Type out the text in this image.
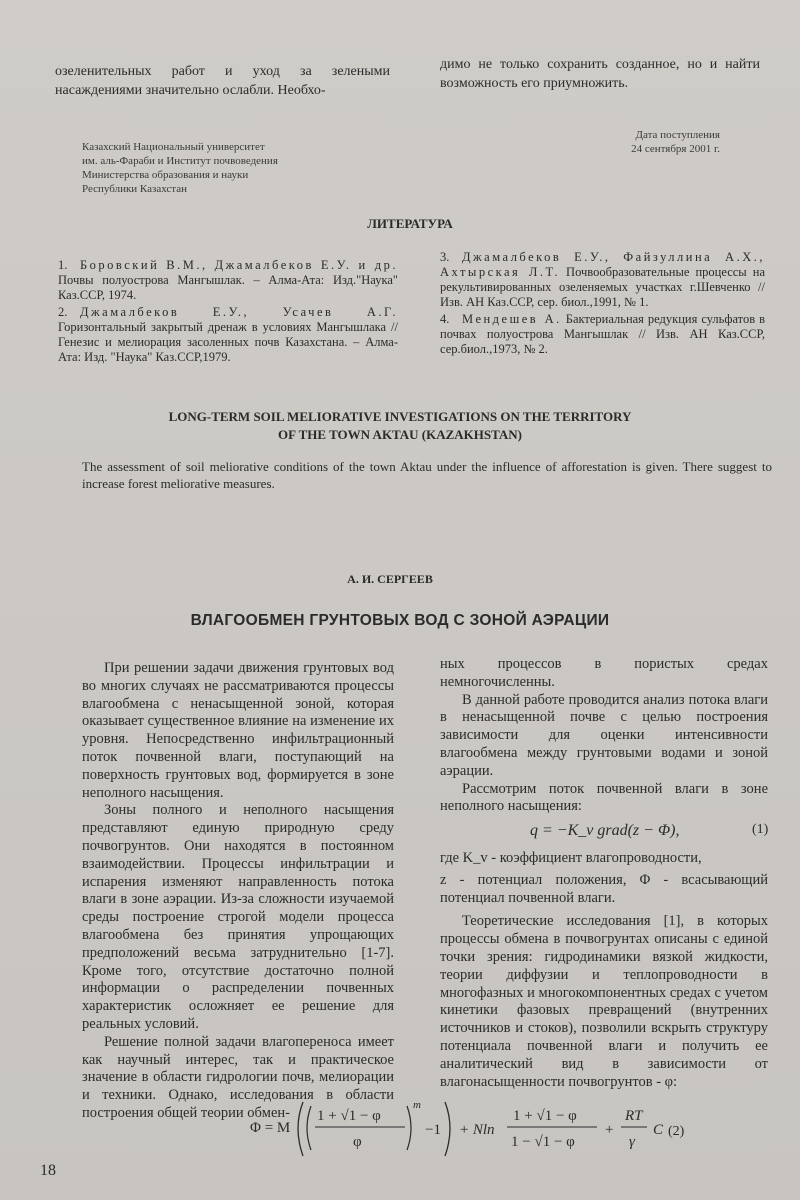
озеленительных работ и уход за зелеными насаждениями значительно ослабли. Необхо-

димо не только сохранить созданное, но и найти возможность его приумножить.

Казахский Национальный университет
им. аль-Фараби и Институт почвоведения
Министерства образования и науки
Республики Казахстан
Дата поступления
24 сентября 2001 г.
ЛИТЕРАТУРА

1. Боровский В.М., Джамалбеков Е.У. и др. Почвы полуострова Мангышлак. – Алма-Ата: Изд."Наука" Каз.ССР, 1974.

2. Джамалбеков Е.У., Усачев А.Г. Горизонтальный закрытый дренаж в условиях Мангышлака // Генезис и мелиорация засоленных почв Казахстана. – Алма-Ата: Изд. "Наука" Каз.ССР,1979.

3. Джамалбеков Е.У., Файзуллина А.Х., Ахтырская Л.Т. Почвообразовательные процессы на рекультивированных озеленяемых участках г.Шевченко // Изв. АН Каз.ССР, сер. биол.,1991, № 1.

4. Мендешев А. Бактериальная редукция сульфатов в почвах полуострова Мангышлак // Изв. АН Каз.ССР, сер.биол.,1973, № 2.

LONG-TERM SOIL MELIORATIVE INVESTIGATIONS ON THE TERRITORY
OF THE TOWN AKTAU (KAZAKHSTAN)

The assessment of soil meliorative conditions of the town Aktau under the influence of afforestation is given. There suggest to increase forest meliorative measures.

А. И. СЕРГЕЕВ
ВЛАГООБМЕН ГРУНТОВЫХ ВОД С ЗОНОЙ АЭРАЦИИ

При решении задачи движения грунтовых вод во многих случаях не рассматриваются процессы влагообмена с ненасыщенной зоной, которая оказывает существенное влияние на изменение их уровня. Непосредственно инфильтрационный поток почвенной влаги, поступающий на поверхность грунтовых вод, формируется в зоне неполного насыщения.

Зоны полного и неполного насыщения представляют единую природную среду почвогрунтов. Они находятся в постоянном взаимодействии. Процессы инфильтрации и испарения изменяют направленность потока влаги в зоне аэрации. Из-за сложности изучаемой среды построение строгой модели процесса влагообмена без принятия упрощающих предположений весьма затруднительно [1-7]. Кроме того, отсутствие достаточно полной информации о распределении почвенных характеристик осложняет ее решение для реальных условий.

Решение полной задачи влагопереноса имеет как научный интерес, так и практическое значение в области гидрологии почв, мелиорации и техники. Однако, исследования в области построения общей теории обмен-

ных процессов в пористых средах немногочисленны.

В данной работе проводится анализ потока влаги в ненасыщенной почве с целью построения зависимости для оценки интенсивности влагообмена между грунтовыми водами и зоной аэрации.

Рассмотрим поток почвенной влаги в зоне неполного насыщения:

q = −K_v grad(z − Φ),	(1)

где K_v - коэффициент влагопроводности,

z - потенциал положения, Φ - всасывающий потенциал почвенной влаги.

Теоретические исследования [1], в которых процессы обмена в почвогрунтах описаны с единой точки зрения: гидродинамики вязкой жидкости, теории диффузии и теплопроводности в многофазных и многокомпонентных средах с учетом кинетики фазовых превращений (внутренних источников и стоков), позволили вскрыть структуру потенциала почвенной влаги и получить ее аналитический вид в зависимости от влагонасыщенности почвогрунтов - φ:

Φ = M
1 + √1 − φ
φ
m
−1 + Nln
1 + √1 − φ
1 − √1 − φ
+
RT
γ
C (2)
18
